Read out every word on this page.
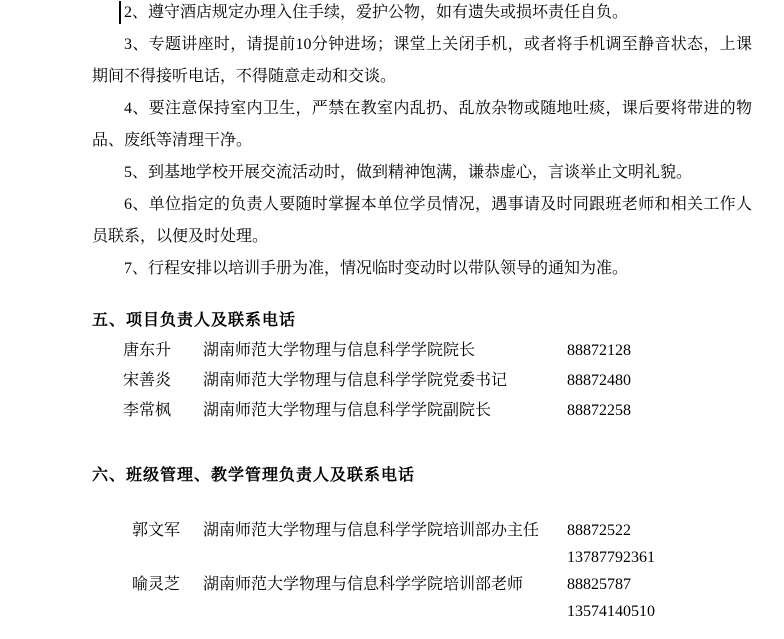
2、遵守酒店规定办理入住手续，爱护公物，如有遗失或损坏责任自负。

3、专题讲座时，请提前10分钟进场；课堂上关闭手机，或者将手机调至静音状态，上课期间不得接听电话，不得随意走动和交谈。

4、要注意保持室内卫生，严禁在教室内乱扔、乱放杂物或随地吐痰，课后要将带进的物品、废纸等清理干净。

5、到基地学校开展交流活动时，做到精神饱满，谦恭虚心，言谈举止文明礼貌。

6、单位指定的负责人要随时掌握本单位学员情况，遇事请及时同跟班老师和相关工作人员联系，以便及时处理。

7、行程安排以培训手册为准，情况临时变动时以带队领导的通知为准。

五、项目负责人及联系电话
唐东升	湖南师范大学物理与信息科学学院院长	88872128
宋善炎	湖南师范大学物理与信息科学学院党委书记	88872480
李常枫	湖南师范大学物理与信息科学学院副院长	88872258
六、班级管理、教学管理负责人及联系电话
郭文军	湖南师范大学物理与信息科学学院培训部办主任	88872522
13787792361
喻灵芝	湖南师范大学物理与信息科学学院培训部老师	88825787
13574140510
